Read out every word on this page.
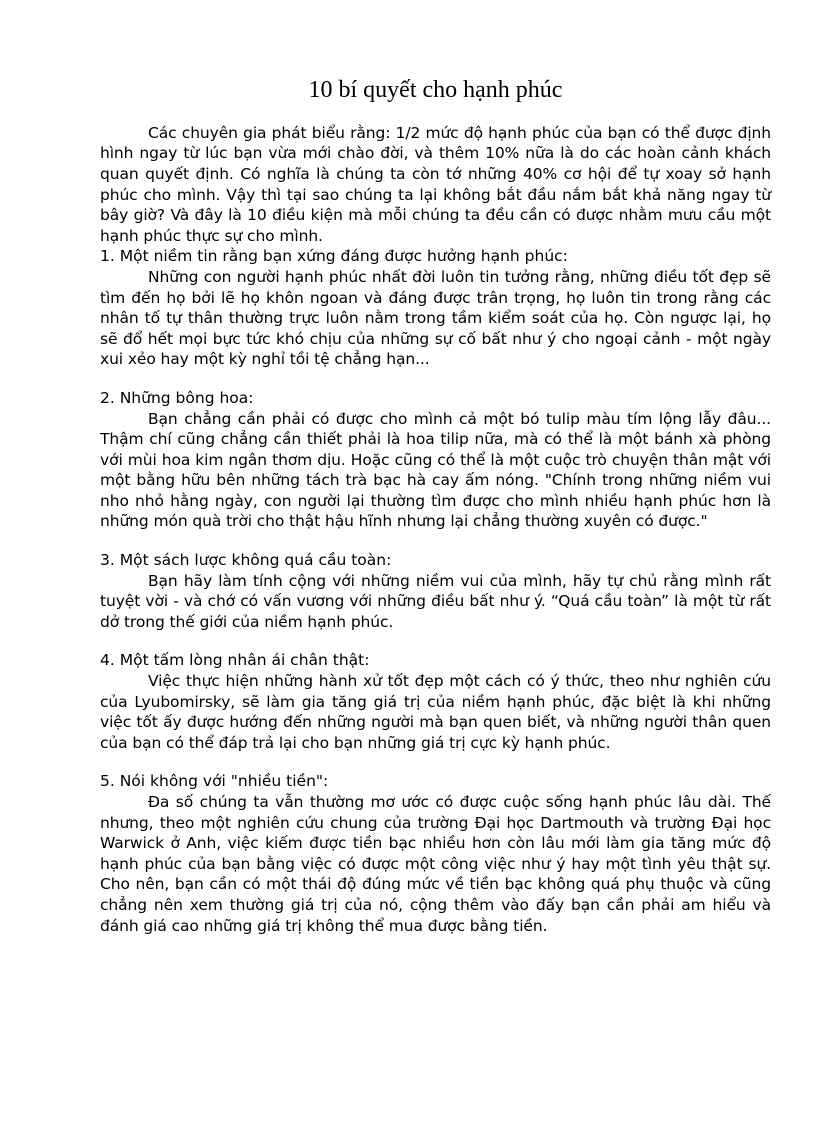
10 bí quyết cho hạnh phúc

Các chuyên gia phát biểu rằng: 1/2 mức độ hạnh phúc của bạn có thể được định hình ngay từ lúc bạn vừa mới chào đời, và thêm 10% nữa là do các hoàn cảnh khách quan quyết định. Có nghĩa là chúng ta còn tớ những 40% cơ hội để tự xoay sở hạnh phúc cho mình. Vậy thì tại sao chúng ta lại không bắt đầu nắm bắt khả năng ngay từ bây giờ? Và đây là 10 điều kiện mà mỗi chúng ta đều cần có được nhằm mưu cầu một hạnh phúc thực sự cho mình.

1. Một niềm tin rằng bạn xứng đáng được hưởng hạnh phúc:

Những con người hạnh phúc nhất đời luôn tin tưởng rằng, những điều tốt đẹp sẽ tìm đến họ bởi lẽ họ khôn ngoan và đáng được trân trọng, họ luôn tin trong rằng các nhân tố tự thân thường trực luôn nằm trong tầm kiểm soát của họ. Còn ngược lại, họ sẽ đổ hết mọi bực tức khó chịu của những sự cố bất như ý cho ngoại cảnh - một ngày xui xẻo hay một kỳ nghỉ tồi tệ chẳng hạn...

2. Những bông hoa:

Bạn chẳng cần phải có được cho mình cả một bó tulip màu tím lộng lẫy đâu... Thậm chí cũng chẳng cần thiết phải là hoa tilip nữa, mà có thể là một bánh xà phòng với mùi hoa kim ngân thơm dịu. Hoặc cũng có thể là một cuộc trò chuyện thân mật với một bằng hữu bên những tách trà bạc hà cay ấm nóng. "Chính trong những niềm vui nho nhỏ hằng ngày, con người lại thường tìm được cho mình nhiều hạnh phúc hơn là những món quà trời cho thật hậu hĩnh nhưng lại chẳng thường xuyên có được."

3. Một sách lược không quá cầu toàn:

Bạn hãy làm tính cộng với những niềm vui của mình, hãy tự chủ rằng mình rất tuyệt vời - và chớ có vấn vương với những điều bất như ý. “Quá cầu toàn” là một từ rất dở trong thế giới của niềm hạnh phúc.

4. Một tấm lòng nhân ái chân thật:

Việc thực hiện những hành xử tốt đẹp một cách có ý thức, theo như nghiên cứu của Lyubomirsky, sẽ làm gia tăng giá trị của niềm hạnh phúc, đặc biệt là khi những việc tốt ấy được hướng đến những người mà bạn quen biết, và những người thân quen của bạn có thể đáp trả lại cho bạn những giá trị cực kỳ hạnh phúc.

5. Nói không với "nhiều tiền":

Đa số chúng ta vẫn thường mơ ước có được cuộc sống hạnh phúc lâu dài. Thế nhưng, theo một nghiên cứu chung của trường Đại học Dartmouth và trường Đại học Warwick ở Anh, việc kiếm được tiền bạc nhiều hơn còn lâu mới làm gia tăng mức độ hạnh phúc của bạn bằng việc có được một công việc như ý hay một tình yêu thật sự. Cho nên, bạn cần có một thái độ đúng mức về tiền bạc không quá phụ thuộc và cũng chẳng nên xem thường giá trị của nó, cộng thêm vào đấy bạn cần phải am hiểu và đánh giá cao những giá trị không thể mua được bằng tiền.
